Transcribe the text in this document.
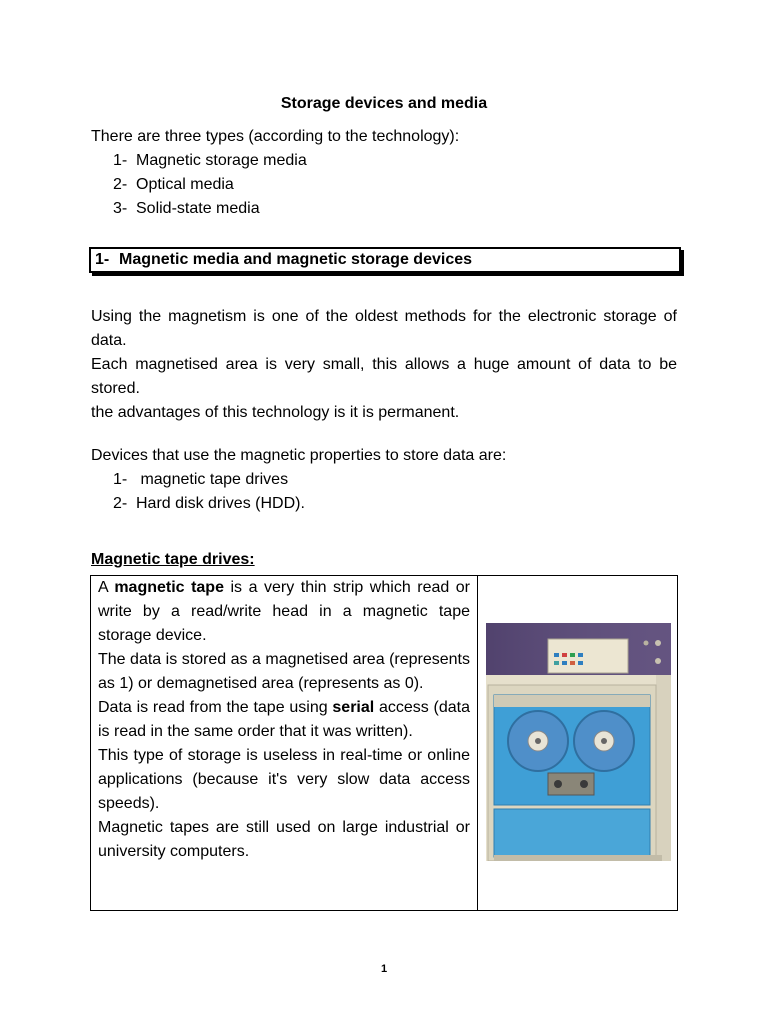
Storage devices and media
There are three types (according to the technology):
1- Magnetic storage media
2- Optical media
3- Solid-state media
1- Magnetic media and magnetic storage devices
Using the magnetism is one of the oldest methods for the electronic storage of data.
Each magnetised area is very small, this allows a huge amount of data to be stored.
the advantages of this technology is it is permanent.
Devices that use the magnetic properties to store data are:
1- magnetic tape drives
2- Hard disk drives (HDD).
Magnetic tape drives:
A magnetic tape is a very thin strip which read or write by a read/write head in a magnetic tape storage device.
The data is stored as a magnetised area (represents as 1) or demagnetised area (represents as 0).
Data is read from the tape using serial access (data is read in the same order that it was written).
This type of storage is useless in real-time or online applications (because it's very slow data access speeds).
Magnetic tapes are still used on large industrial or university computers.
1
